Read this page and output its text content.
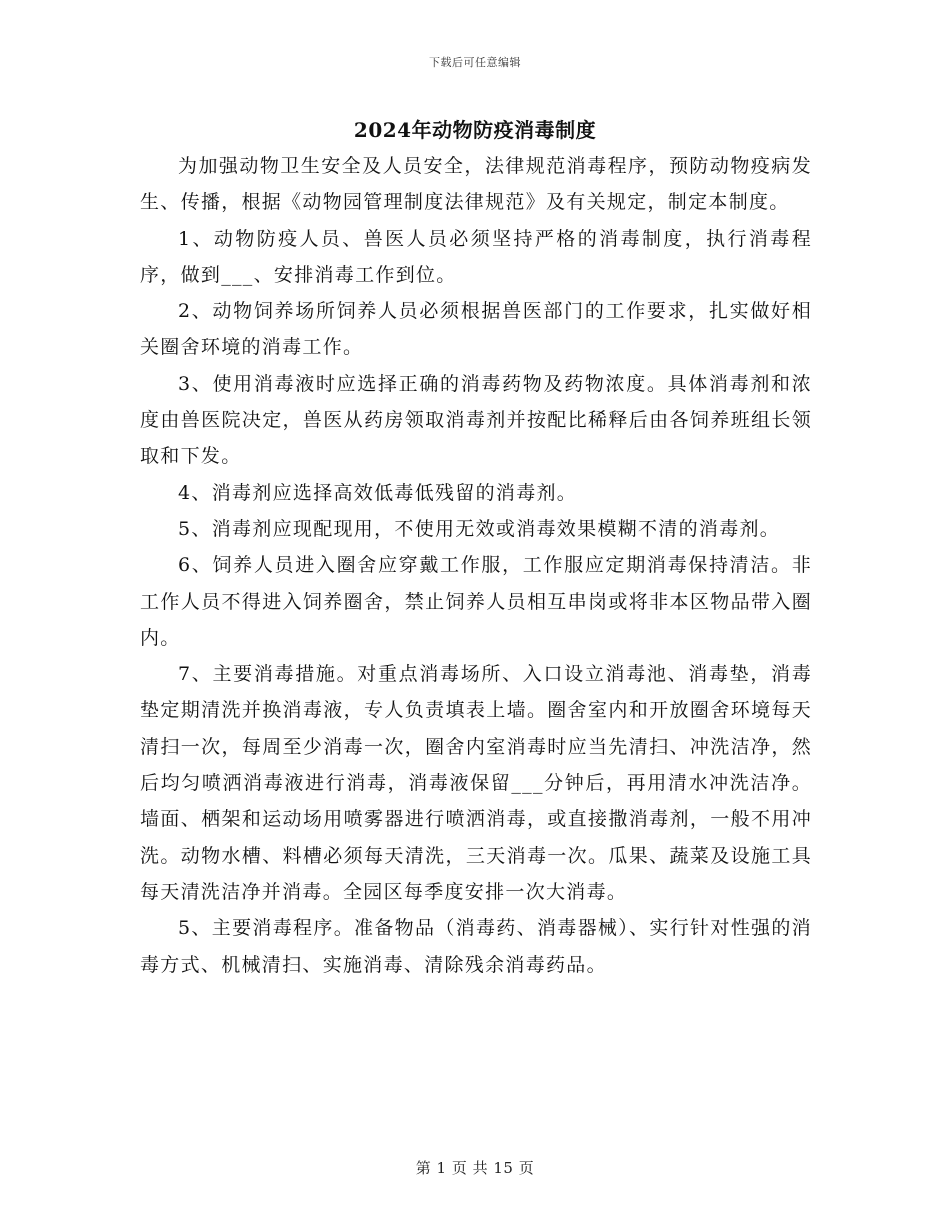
下载后可任意编辑
2024年动物防疫消毒制度

为加强动物卫生安全及人员安全，法律规范消毒程序，预防动物疫病发生、传播，根据《动物园管理制度法律规范》及有关规定，制定本制度。

1、动物防疫人员、兽医人员必须坚持严格的消毒制度，执行消毒程序，做到___、安排消毒工作到位。

2、动物饲养场所饲养人员必须根据兽医部门的工作要求，扎实做好相关圈舍环境的消毒工作。

3、使用消毒液时应选择正确的消毒药物及药物浓度。具体消毒剂和浓度由兽医院决定，兽医从药房领取消毒剂并按配比稀释后由各饲养班组长领取和下发。

4、消毒剂应选择高效低毒低残留的消毒剂。

5、消毒剂应现配现用，不使用无效或消毒效果模糊不清的消毒剂。

6、饲养人员进入圈舍应穿戴工作服，工作服应定期消毒保持清洁。非工作人员不得进入饲养圈舍，禁止饲养人员相互串岗或将非本区物品带入圈内。

7、主要消毒措施。对重点消毒场所、入口设立消毒池、消毒垫，消毒垫定期清洗并换消毒液，专人负责填表上墙。圈舍室内和开放圈舍环境每天清扫一次，每周至少消毒一次，圈舍内室消毒时应当先清扫、冲洗洁净，然后均匀喷洒消毒液进行消毒，消毒液保留___分钟后，再用清水冲洗洁净。墙面、栖架和运动场用喷雾器进行喷洒消毒，或直接撒消毒剂，一般不用冲洗。动物水槽、料槽必须每天清洗，三天消毒一次。瓜果、蔬菜及设施工具每天清洗洁净并消毒。全园区每季度安排一次大消毒。

5、主要消毒程序。准备物品（消毒药、消毒器械）、实行针对性强的消毒方式、机械清扫、实施消毒、清除残余消毒药品。

第 1 页 共 15 页
